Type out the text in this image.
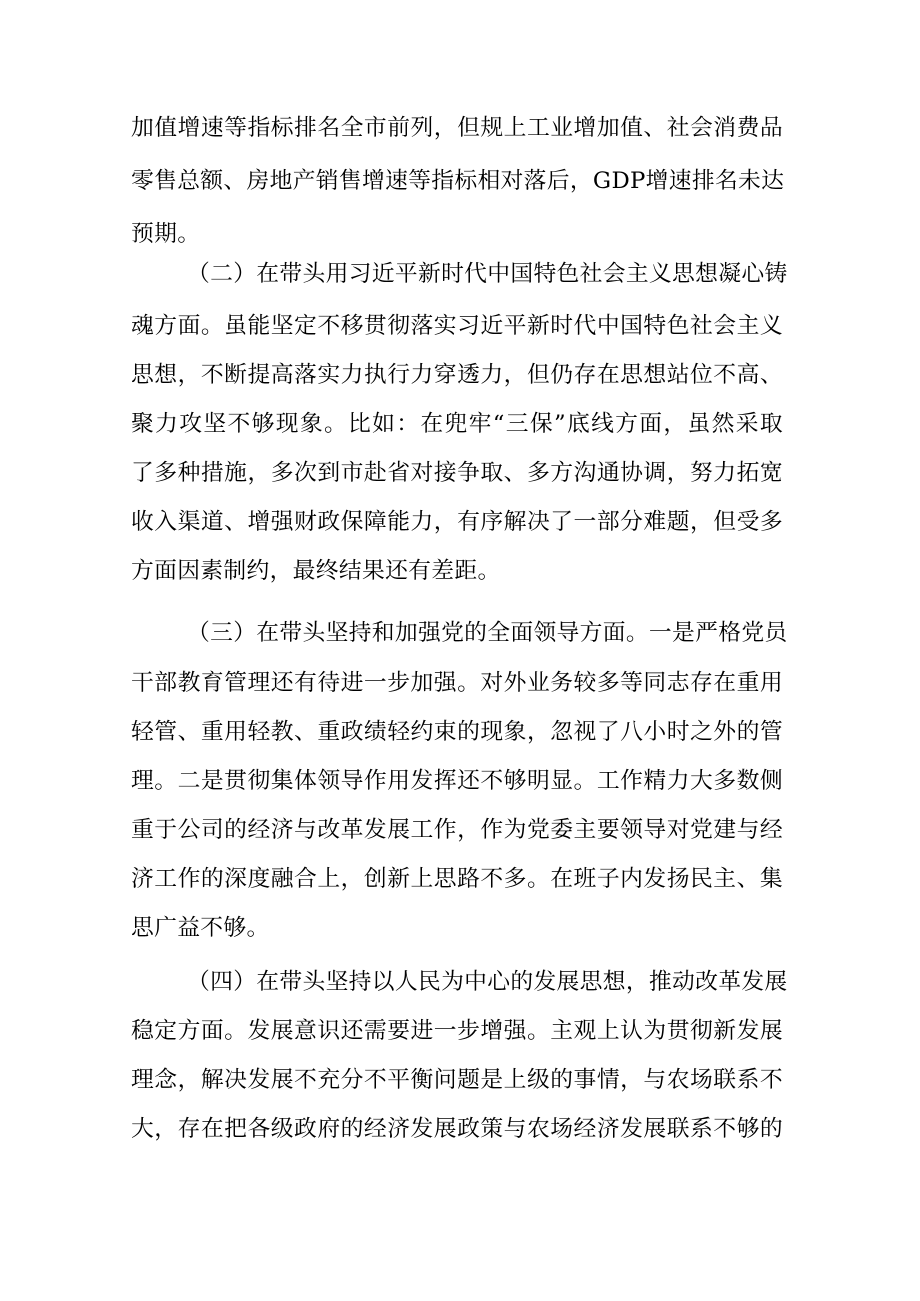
加值增速等指标排名全市前列，但规上工业增加值、社会消费品
零售总额、房地产销售增速等指标相对落后，GDP增速排名未达
预期。
（二）在带头用习近平新时代中国特色社会主义思想凝心铸
魂方面。虽能坚定不移贯彻落实习近平新时代中国特色社会主义
思想，不断提高落实力执行力穿透力，但仍存在思想站位不高、
聚力攻坚不够现象。比如：在兜牢“三保”底线方面，虽然采取
了多种措施，多次到市赴省对接争取、多方沟通协调，努力拓宽
收入渠道、增强财政保障能力，有序解决了一部分难题，但受多
方面因素制约，最终结果还有差距。
（三）在带头坚持和加强党的全面领导方面。一是严格党员
干部教育管理还有待进一步加强。对外业务较多等同志存在重用
轻管、重用轻教、重政绩轻约束的现象，忽视了八小时之外的管
理。二是贯彻集体领导作用发挥还不够明显。工作精力大多数侧
重于公司的经济与改革发展工作，作为党委主要领导对党建与经
济工作的深度融合上，创新上思路不多。在班子内发扬民主、集
思广益不够。
（四）在带头坚持以人民为中心的发展思想，推动改革发展
稳定方面。发展意识还需要进一步增强。主观上认为贯彻新发展
理念，解决发展不充分不平衡问题是上级的事情，与农场联系不
大，存在把各级政府的经济发展政策与农场经济发展联系不够的
